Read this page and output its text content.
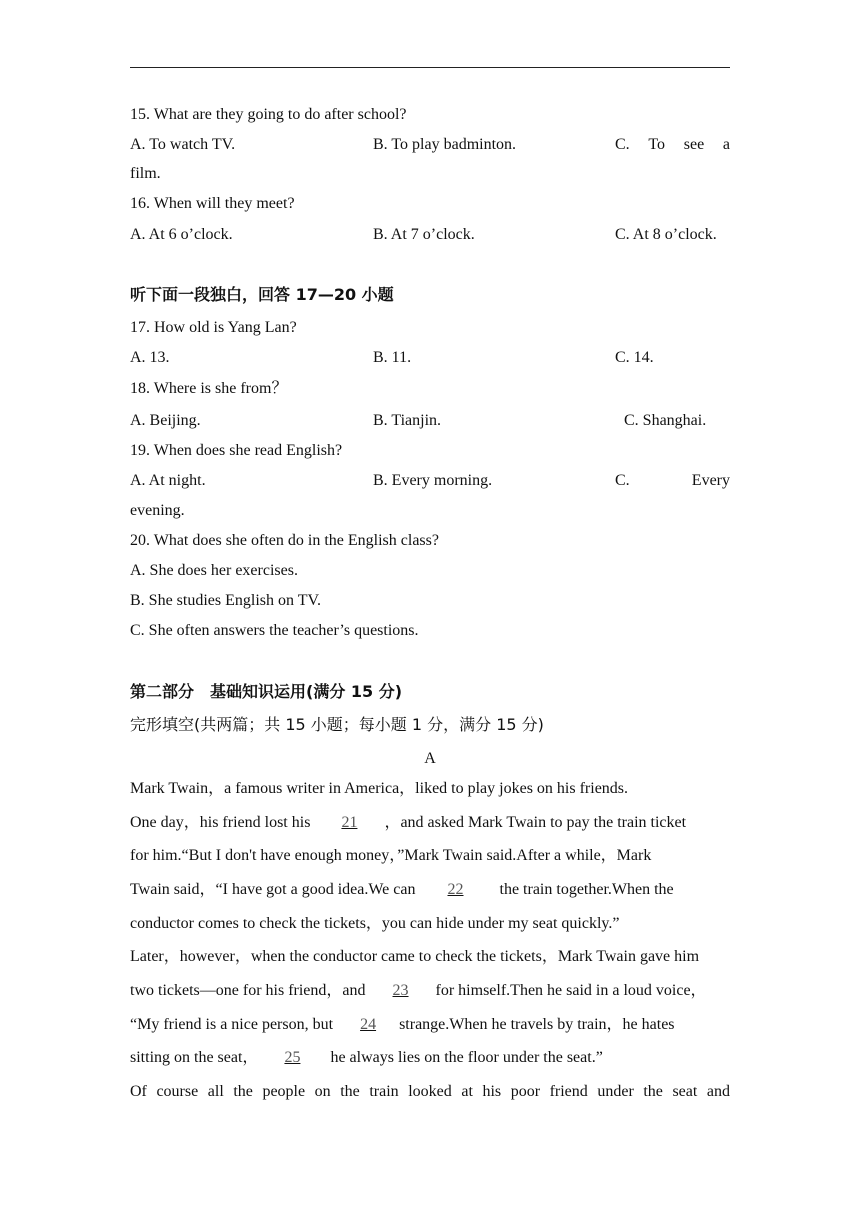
15. What are they going to do after school?
A. To watch TV.	B. To play badminton.	C. To see a
film.
16. When will they meet?
A. At 6 o’clock.	B. At 7 o’clock.	C. At 8 o’clock.
听下面一段独白，回答 17—20 小题
17. How old is Yang Lan?
A. 13.	B. 11.	C. 14.
18. Where is she from？
A. Beijing.	B. Tianjin.	C. Shanghai.
19. When does she read English?
A. At night.	B. Every morning.	C.	Every
evening.
20. What does she often do in the English class?
A. She does her exercises.
B. She studies English on TV.
C. She often answers the teacher’s questions.
第二部分　基础知识运用(满分 15 分)
完形填空(共两篇；共 15 小题；每小题 1 分，满分 15 分)
A
Mark Twain，a famous writer in America，liked to play jokes on his friends.
One day，his friend lost his 21 ，and asked Mark Twain to pay the train ticket
for him.“But I don't have enough money，”Mark Twain said.After a while，Mark
Twain said，“I have got a good idea.We can 22 the train together.When the
conductor comes to check the tickets，you can hide under my seat quickly.”
Later，however，when the conductor came to check the tickets，Mark Twain gave him
two tickets—one for his friend，and 23 for himself.Then he said in a loud voice，
“My friend is a nice person, but 24 strange.When he travels by train，he hates
sitting on the seat， 25 he always lies on the floor under the seat.”
Of course all the people on the train looked at his poor friend under the seat and
